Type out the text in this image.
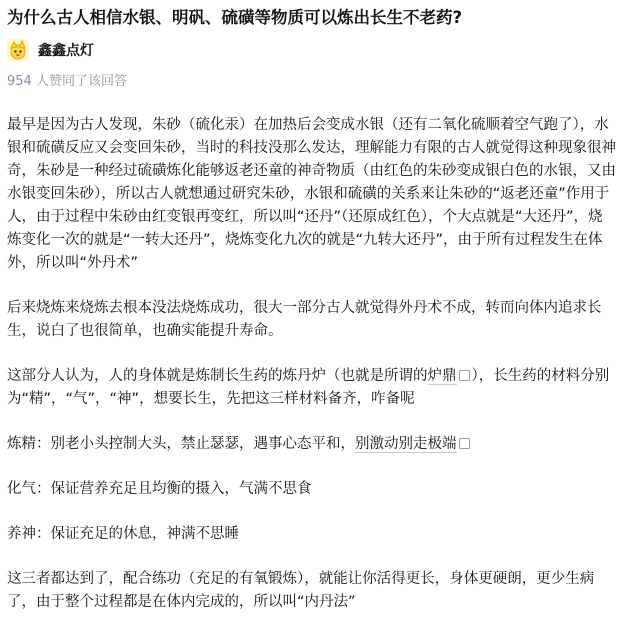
为什么古人相信水银、明矾、硫磺等物质可以炼出长生不老药?
鑫鑫点灯
954 人赞同了该回答

最早是因为古人发现，朱砂（硫化汞）在加热后会变成水银（还有二氧化硫顺着空气跑了），水银和硫磺反应又会变回朱砂，当时的科技没那么发达，理解能力有限的古人就觉得这种现象很神奇，朱砂是一种经过硫磺炼化能够返老还童的神奇物质（由红色的朱砂变成银白色的水银，又由水银变回朱砂），所以古人就想通过研究朱砂，水银和硫磺的关系来让朱砂的“返老还童”作用于人，由于过程中朱砂由红变银再变红，所以叫“还丹”（还原成红色），个大点就是“大还丹”，烧炼变化一次的就是“一转大还丹”，烧炼变化九次的就是“九转大还丹”，由于所有过程发生在体外，所以叫“外丹术”

后来烧炼来烧炼去根本没法烧炼成功，很大一部分古人就觉得外丹术不成，转而向体内追求长生，说白了也很简单，也确实能提升寿命。

这部分人认为，人的身体就是炼制长生药的炼丹炉（也就是所谓的炉鼎 ），长生药的材料分别为“精”，“气”，“神”，想要长生，先把这三样材料备齐，咋备呢

炼精：别老小头控制大头，禁止瑟瑟，遇事心态平和，别激动别走极端

化气：保证营养充足且均衡的摄入，气满不思食

养神：保证充足的休息，神满不思睡

这三者都达到了，配合练功（充足的有氧锻炼），就能让你活得更长，身体更硬朗，更少生病了，由于整个过程都是在体内完成的，所以叫“内丹法”
